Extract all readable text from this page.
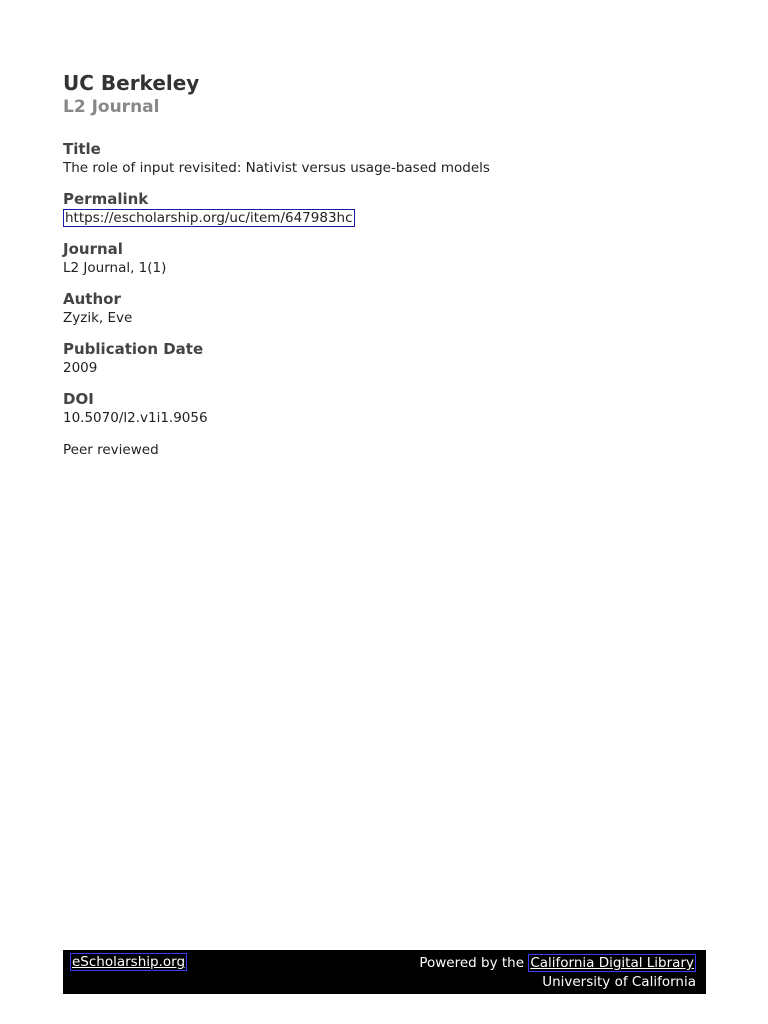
UC Berkeley
L2 Journal
Title
The role of input revisited: Nativist versus usage-based models
Permalink
https://escholarship.org/uc/item/647983hc
Journal
L2 Journal, 1(1)
Author
Zyzik, Eve
Publication Date
2009
DOI
10.5070/l2.v1i1.9056
Peer reviewed
eScholarship.org	Powered by the California Digital Library
University of California
